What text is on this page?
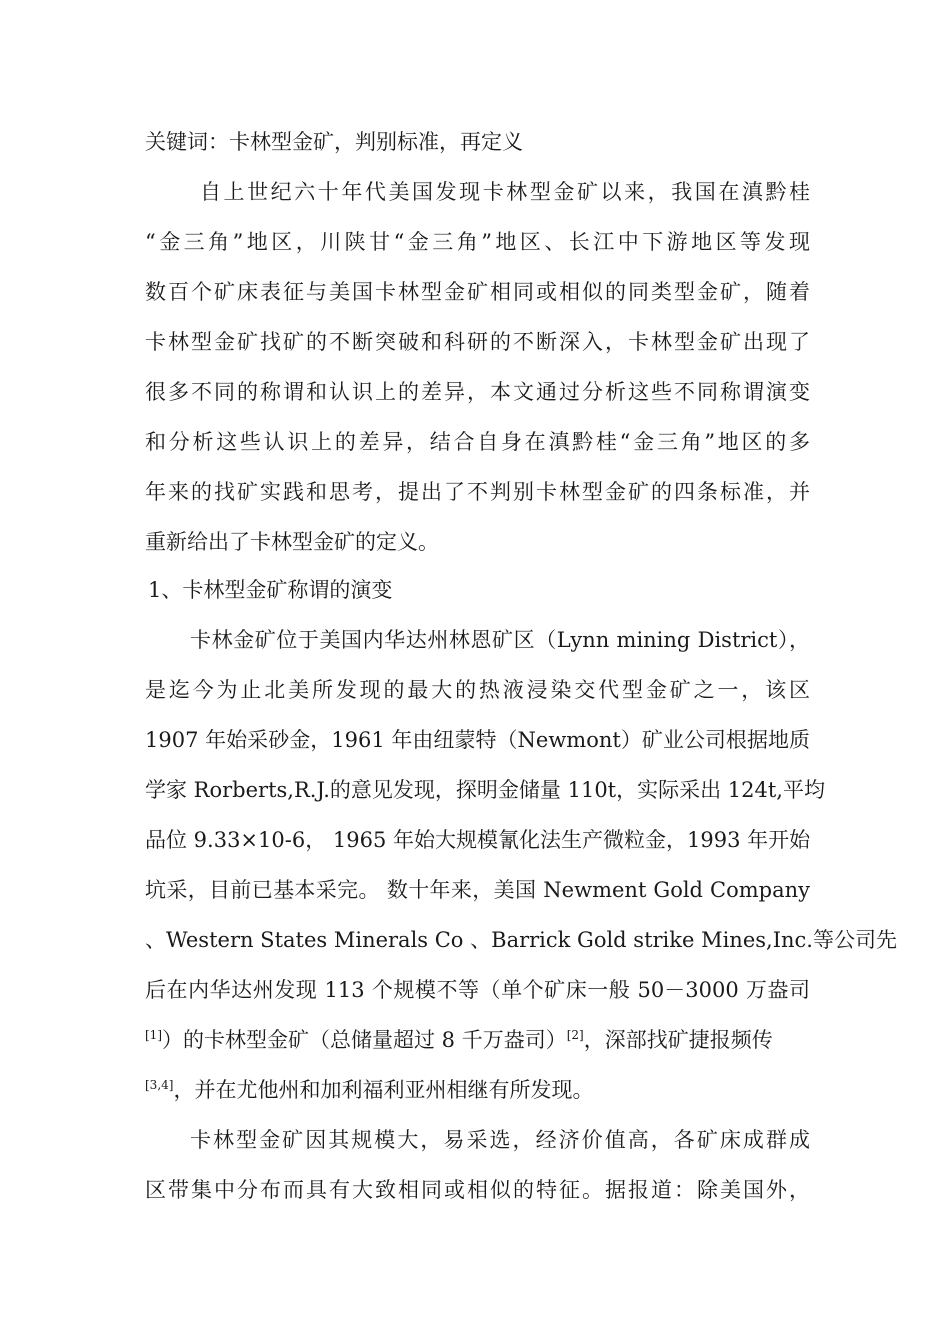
关键词：卡林型金矿，判别标准，再定义
自上世纪六十年代美国发现卡林型金矿以来，我国在滇黔桂
“金三角”地区，川陕甘“金三角”地区、长江中下游地区等发现
数百个矿床表征与美国卡林型金矿相同或相似的同类型金矿，随着
卡林型金矿找矿的不断突破和科研的不断深入，卡林型金矿出现了
很多不同的称谓和认识上的差异，本文通过分析这些不同称谓演变
和分析这些认识上的差异，结合自身在滇黔桂“金三角”地区的多
年来的找矿实践和思考，提出了不判别卡林型金矿的四条标准，并
重新给出了卡林型金矿的定义。
1、卡林型金矿称谓的演变
卡林金矿位于美国内华达州林恩矿区（Lynn mining District），
是迄今为止北美所发现的最大的热液浸染交代型金矿之一，该区
1907 年始采砂金，1961 年由纽蒙特（Newmont）矿业公司根据地质
学家 Rorberts,R.J.的意见发现，探明金储量 110t，实际采出 124t,平均
品位 9.33×10-6， 1965 年始大规模氰化法生产微粒金，1993 年开始
坑采，目前已基本采完。 数十年来，美国 Newment Gold Company
、Western States Minerals Co 、Barrick Gold strike Mines,Inc.等公司先
后在内华达州发现 113 个规模不等（单个矿床一般 50－3000 万盎司
[1]）的卡林型金矿（总储量超过 8 千万盎司）[2]，深部找矿捷报频传
[3,4]，并在尤他州和加利福利亚州相继有所发现。
卡林型金矿因其规模大，易采选，经济价值高，各矿床成群成
区带集中分布而具有大致相同或相似的特征。据报道：除美国外，
